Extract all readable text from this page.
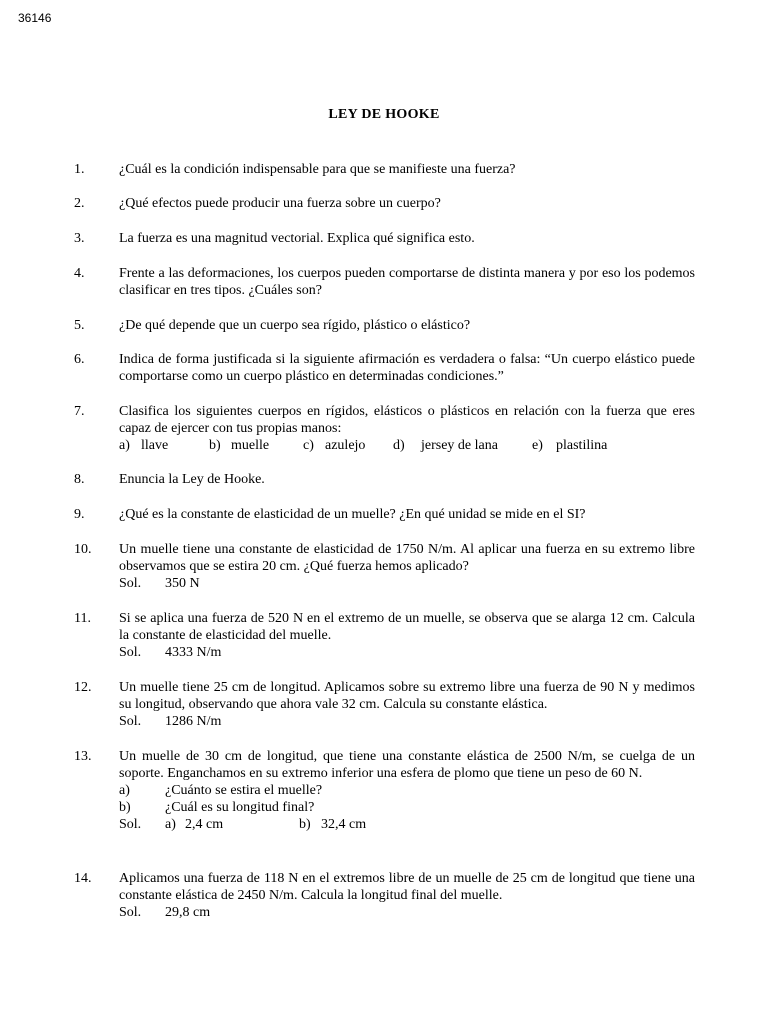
36146
LEY DE HOOKE
1. ¿Cuál es la condición indispensable para que se manifieste una fuerza?
2. ¿Qué efectos puede producir una fuerza sobre un cuerpo?
3. La fuerza es una magnitud vectorial. Explica qué significa esto.
4. Frente a las deformaciones, los cuerpos pueden comportarse de distinta manera y por eso los podemos clasificar en tres tipos. ¿Cuáles son?
5. ¿De qué depende que un cuerpo sea rígido, plástico o elástico?
6. Indica de forma justificada si la siguiente afirmación es verdadera o falsa: “Un cuerpo elástico puede comportarse como un cuerpo plástico en determinadas condiciones.”
7. Clasifica los siguientes cuerpos en rígidos, elásticos o plásticos en relación con la fuerza que eres capaz de ejercer con tus propias manos:
a) llave	b) muelle c) azulejo d) jersey de lana e) plastilina
8. Enuncia la Ley de Hooke.
9. ¿Qué es la constante de elasticidad de un muelle? ¿En qué unidad se mide en el SI?
10. Un muelle tiene una constante de elasticidad de 1750 N/m. Al aplicar una fuerza en su extremo libre observamos que se estira 20 cm. ¿Qué fuerza hemos aplicado?
Sol. 350 N
11. Si se aplica una fuerza de 520 N en el extremo de un muelle, se observa que se alarga 12 cm. Calcula la constante de elasticidad del muelle.
Sol. 4333 N/m
12. Un muelle tiene 25 cm de longitud. Aplicamos sobre su extremo libre una fuerza de 90 N y medimos su longitud, observando que ahora vale 32 cm. Calcula su constante elástica.
Sol. 1286 N/m
13. Un muelle de 30 cm de longitud, que tiene una constante elástica de 2500 N/m, se cuelga de un soporte. Enganchamos en su extremo inferior una esfera de plomo que tiene un peso de 60 N.
a)	¿Cuánto se estira el muelle?
b) ¿Cuál es su longitud final?
Sol. a) 2,4 cm	b) 32,4 cm
14. Aplicamos una fuerza de 118 N en el extremos libre de un muelle de 25 cm de longitud que tiene una constante elástica de 2450 N/m. Calcula la longitud final del muelle.
Sol. 29,8 cm
